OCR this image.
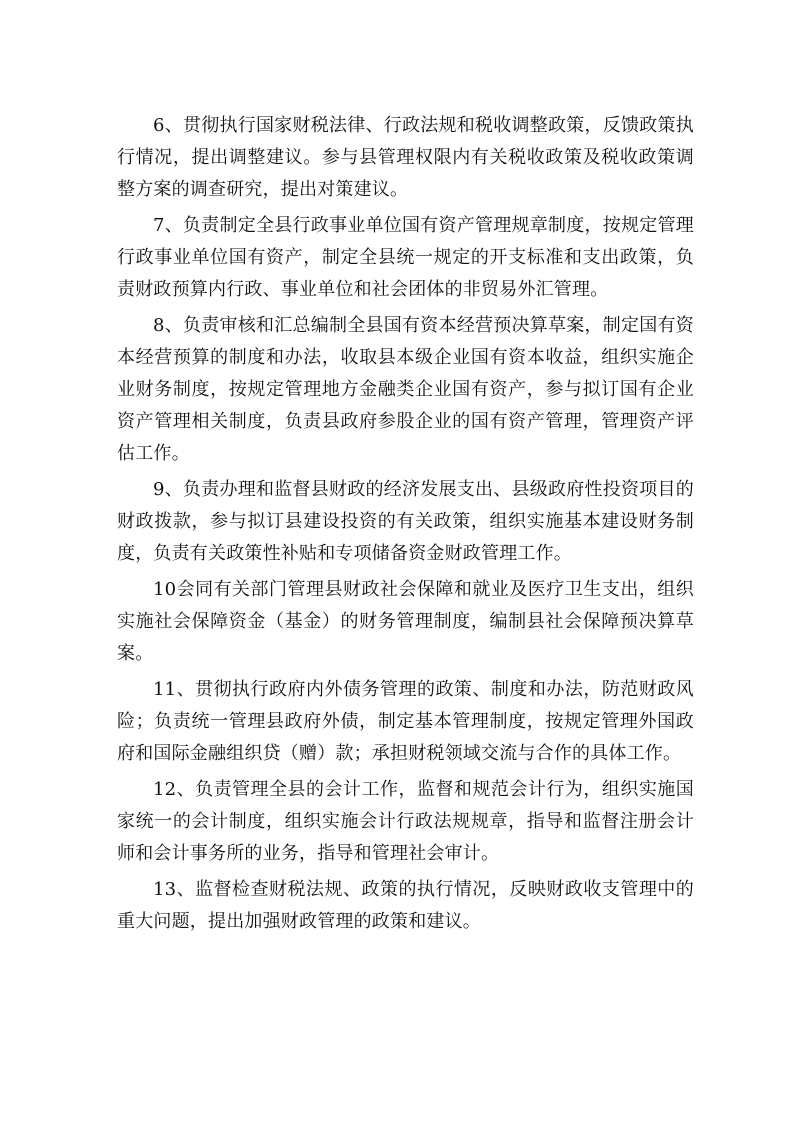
6、贯彻执行国家财税法律、行政法规和税收调整政策，反馈政策执行情况，提出调整建议。参与县管理权限内有关税收政策及税收政策调整方案的调查研究，提出对策建议。

7、负责制定全县行政事业单位国有资产管理规章制度，按规定管理行政事业单位国有资产，制定全县统一规定的开支标准和支出政策，负责财政预算内行政、事业单位和社会团体的非贸易外汇管理。

8、负责审核和汇总编制全县国有资本经营预决算草案，制定国有资本经营预算的制度和办法，收取县本级企业国有资本收益，组织实施企业财务制度，按规定管理地方金融类企业国有资产，参与拟订国有企业资产管理相关制度，负责县政府参股企业的国有资产管理，管理资产评估工作。

9、负责办理和监督县财政的经济发展支出、县级政府性投资项目的财政拨款，参与拟订县建设投资的有关政策，组织实施基本建设财务制度，负责有关政策性补贴和专项储备资金财政管理工作。

10会同有关部门管理县财政社会保障和就业及医疗卫生支出，组织实施社会保障资金（基金）的财务管理制度，编制县社会保障预决算草案。

11、贯彻执行政府内外债务管理的政策、制度和办法，防范财政风险；负责统一管理县政府外债，制定基本管理制度，按规定管理外国政府和国际金融组织贷（赠）款；承担财税领域交流与合作的具体工作。

12、负责管理全县的会计工作，监督和规范会计行为，组织实施国家统一的会计制度，组织实施会计行政法规规章，指导和监督注册会计师和会计事务所的业务，指导和管理社会审计。

13、监督检查财税法规、政策的执行情况，反映财政收支管理中的重大问题，提出加强财政管理的政策和建议。
